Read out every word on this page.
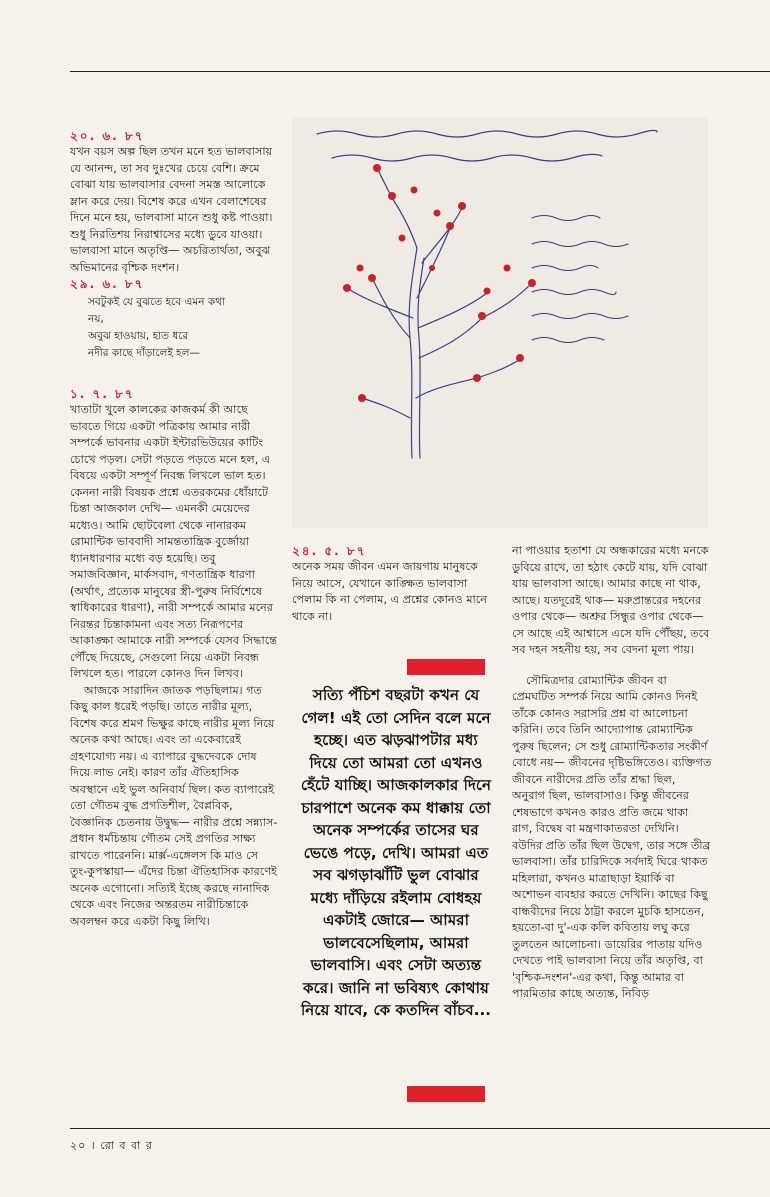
২০. ৬. ৮৭

যখন বয়স অল্প ছিল তখন মনে হত ভালবাসায় যে আনন্দ, তা সব দুঃখের চেয়ে বেশি। ক্রমে বোঝা যায় ভালবাসার বেদনা সমস্ত আলোকে ম্লান করে দেয়। বিশেষ করে এখন বেলাশেষের দিনে মনে হয়, ভালবাসা মানে শুধু কষ্ট পাওয়া। শুধু নিরতিশয় নিরাশ্বাসের মধ্যে ডুবে যাওয়া। ভালবাসা মানে অতৃপ্তি— অচরিতার্থতা, অবুঝ অভিমানের বৃশ্চিক দংশন।

২৯. ৬. ৮৭

সবটুকই যে বুঝতে হবে এমন কথা
নয়,
অবুঝ হাওয়ায়, হাত ধরে
নদীর কাছে দাঁড়ালেই হল—

১. ৭. ৮৭

খাতাটা খুলে কালকের কাজকর্ম কী আছে ভাবতে গিয়ে একটা পত্রিকায় আমার নারী সম্পর্কে ভাবনার একটা ইন্টারভিউয়ের কাটিং চোখে পড়ল। সেটা পড়তে পড়তে মনে হল, এ বিষয়ে একটা সম্পূর্ণ নিবন্ধ লিখলে ভাল হত। কেননা নারী বিষয়ক প্রশ্নে এতরকমের ধোঁয়াটে চিন্তা আজকাল দেখি— এমনকী মেয়েদের মধ্যেও। আমি ছোটবেলা থেকে নানারকম রোমান্টিক ভাববাদী সামন্ততান্ত্রিক বুর্জোয়া ধ্যানধারণার মধ্যে বড় হয়েছি। তবু সমাজবিজ্ঞান, মার্কসবাদ, গণতান্ত্রিক ধারণা (অর্থাৎ, প্রত্যেক মানুষের স্ত্রী-পুরুষ নির্বিশেষে স্বাধিকারের ধারণা), নারী সম্পর্কে আমার মনের নিরন্তর চিন্তাকামনা এবং সত্য নিরূপণের আকাঙ্ক্ষা আমাকে নারী সম্পর্কে যেসব সিদ্ধান্তে পৌঁছে দিয়েছে, সেগুলো নিয়ে একটা নিবন্ধ লিখলে হত। পারলে কোনও দিন লিখব।

আজকে সারাদিন জাতক পড়ছিলাম। গত কিছু কাল ধরেই পড়ছি। তাতে নারীর মূল্য, বিশেষ করে শ্রমণ ভিক্ষুর কাছে নারীর মূল্য নিয়ে অনেক কথা আছে। এবং তা একেবারেই গ্রহণযোগ্য নয়। এ ব্যাপারে বুদ্ধদেবকে দোষ দিয়ে লাভ নেই। কারণ তাঁর ঐতিহাসিক অবস্থানে এই ভুল অনিবার্য ছিল। কত ব্যাপারেই তো গৌতম বুদ্ধ প্রগতিশীল, বৈপ্লবিক, বৈজ্ঞানিক চেতনায় উদ্বুদ্ধ— নারীর প্রশ্নে সন্ন্যাস-প্রধান ধর্মচিন্তায় গৌতম সেই প্রগতির সাক্ষ্য রাখতে পারেননি। মার্ক্স-এঙ্গেলস কি মাও সে তুং-কুপস্কায়া— এঁদের চিন্তা ঐতিহাসিক কারণেই অনেক এগোনো। সত্যিই ইচ্ছে করছে নানাদিক থেকে এবং নিজের অন্তরতম নারীচিন্তাকে অবলম্বন করে একটা কিছু লিখি।

২৪. ৫. ৮৭

অনেক সময় জীবন এমন জায়গায় মানুষকে নিয়ে আসে, যেখানে কাঙ্ক্ষিত ভালবাসা পেলাম কি না পেলাম, এ প্রশ্নের কোনও মানে থাকে না।

সত্যি পঁচিশ বছরটা কখন যে গেল! এই তো সেদিন বলে মনে হচ্ছে। এত ঝড়ঝাপটার মধ্য দিয়ে তো আমরা তো এখনও হেঁটে যাচ্ছি। আজকালকার দিনে চারপাশে অনেক কম ধাক্কায় তো অনেক সম্পর্কের তাসের ঘর ভেঙে পড়ে, দেখি। আমরা এত সব ঝগড়াঝাঁটি ভুল বোঝার মধ্যে দাঁড়িয়ে রইলাম বোধহয় একটাই জোরে— আমরা ভালবেসেছিলাম, আমরা ভালবাসি। এবং সেটা অত্যন্ত করে। জানি না ভবিষ্যৎ কোথায় নিয়ে যাবে, কে কতদিন বাঁচব...

না পাওয়ার হতাশা যে অন্ধকারের মধ্যে মনকে ডুবিয়ে রাখে, তা হঠাৎ কেটে যায়, যদি বোঝা যায় ভালবাসা আছে। আমার কাছে না থাক, আছে। যতদূরেই থাক— মরুপ্রান্তরের দহনের ওপার থেকে— অশ্রুর সিন্ধুর ওপার থেকে— সে আছে এই আশ্বাসে এসে যদি পৌঁছয়, তবে সব দহন সহনীয় হয়, সব বেদনা মূল্য পায়।

সৌমিত্রদার রোম্যান্টিক জীবন বা প্রেমঘটিত সম্পর্ক নিয়ে আমি কোনও দিনই তাঁকে কোনও সরাসরি প্রশ্ন বা আলোচনা করিনি। তবে তিনি আদ্যোপান্ত রোম্যান্টিক পুরুষ ছিলেন; সে শুধু রোম্যান্টিকতার সংকীর্ণ বোধে নয়— জীবনের দৃষ্টিভঙ্গিতেও। ব্যক্তিগত জীবনে নারীদের প্রতি তাঁর শ্রদ্ধা ছিল, অনুরাগ ছিল, ভালবাসাও। কিন্তু জীবনের শেষভাগে কখনও কারও প্রতি জমে থাকা রাগ, বিদ্বেষ বা মন্ত্রণাকাতরতা দেখিনি। বউদির প্রতি তাঁর ছিল উদ্বেগ, তার সঙ্গে তীব্র ভালবাসা। তাঁর চারিদিকে সর্বদাই ঘিরে থাকত মহিলারা, কখনও মাত্রাছাড়া ইয়ার্কি বা অশোভন ব্যবহার করতে দেখিনি। কাছের কিছু বান্ধবীদের নিয়ে ঠাট্টা করলে মুচকি হাসতেন, হয়তো-বা দু'-এক কলি কবিতায় লঘু করে তুলতেন আলোচনা। ডায়েরির পাতায় যদিও দেখতে পাই ভালবাসা নিয়ে তাঁর অতৃপ্তি, বা 'বৃশ্চিক-দংশন'-এর কথা, কিন্তু আমার বা পারমিতার কাছে অত্যন্ত, নিবিড়

২০ । রো ব বা র
